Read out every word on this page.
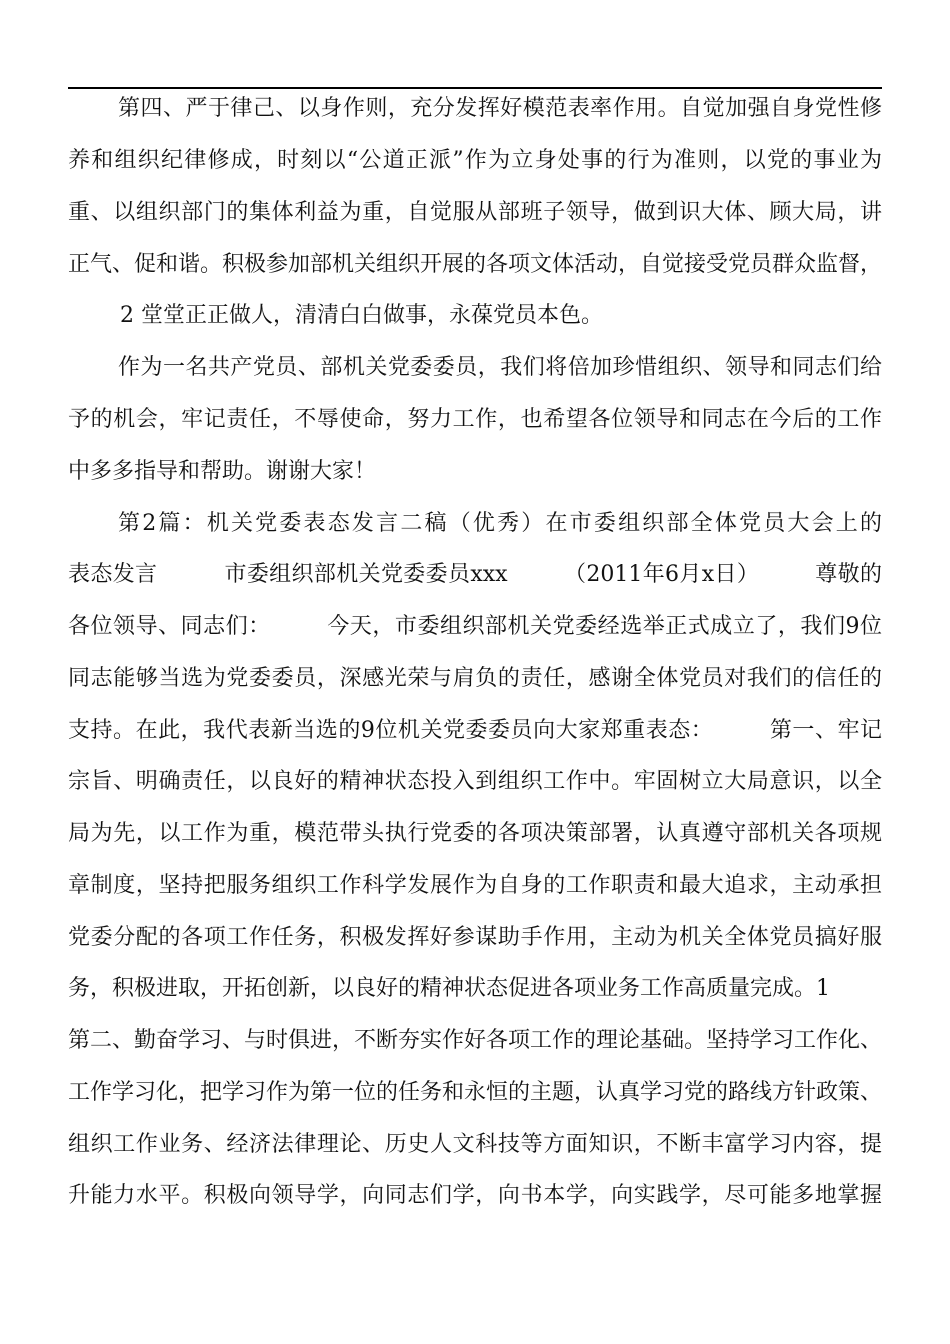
第四、严于律己、以身作则，充分发挥好模范表率作用。自觉加强自身党性修
养和组织纪律修成，时刻以“公道正派”作为立身处事的行为准则，以党的事业为
重、以组织部门的集体利益为重，自觉服从部班子领导，做到识大体、顾大局，讲
正气、促和谐。积极参加部机关组织开展的各项文体活动，自觉接受党员群众监督，
2 堂堂正正做人，清清白白做事，永葆党员本色。
作为一名共产党员、部机关党委委员，我们将倍加珍惜组织、领导和同志们给
予的机会，牢记责任，不辱使命，努力工作，也希望各位领导和同志在今后的工作
中多多指导和帮助。谢谢大家！
第2篇：机关党委表态发言二稿（优秀）在市委组织部全体党员大会上的
表态发言　　　市委组织部机关党委委员xxx　　　（2011年6月x日）　　　尊敬的
各位领导、同志们：　　　今天，市委组织部机关党委经选举正式成立了，我们9位
同志能够当选为党委委员，深感光荣与肩负的责任，感谢全体党员对我们的信任的
支持。在此，我代表新当选的9位机关党委委员向大家郑重表态：　　　第一、牢记
宗旨、明确责任，以良好的精神状态投入到组织工作中。牢固树立大局意识，以全
局为先，以工作为重，模范带头执行党委的各项决策部署，认真遵守部机关各项规
章制度，坚持把服务组织工作科学发展作为自身的工作职责和最大追求，主动承担
党委分配的各项工作任务，积极发挥好参谋助手作用，主动为机关全体党员搞好服
务，积极进取，开拓创新，以良好的精神状态促进各项业务工作高质量完成。1
第二、勤奋学习、与时俱进，不断夯实作好各项工作的理论基础。坚持学习工作化、
工作学习化，把学习作为第一位的任务和永恒的主题，认真学习党的路线方针政策、
组织工作业务、经济法律理论、历史人文科技等方面知识，不断丰富学习内容，提
升能力水平。积极向领导学，向同志们学，向书本学，向实践学，尽可能多地掌握
